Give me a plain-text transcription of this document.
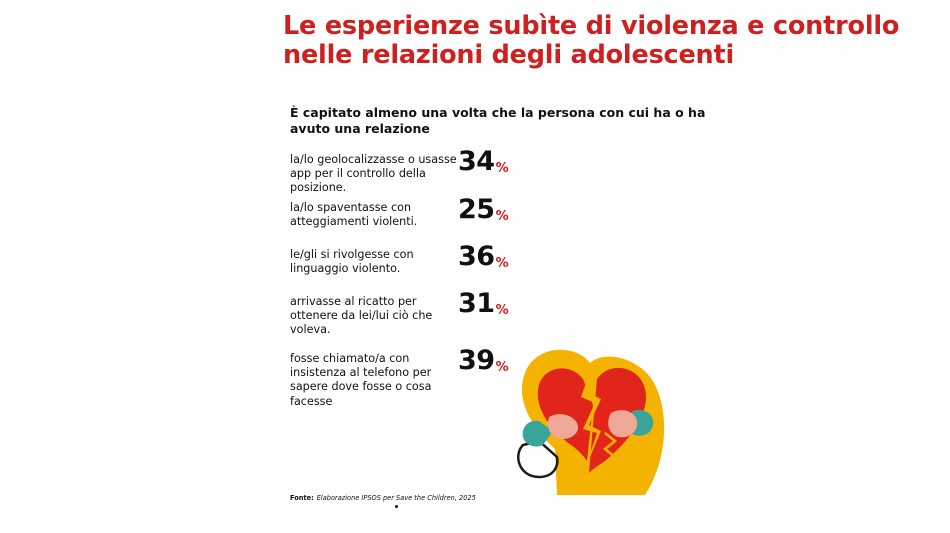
Le esperienze subìte di violenza e controllo
nelle relazioni degli adolescenti
È capitato almeno una volta che la persona con cui ha o ha avuto una relazione
la/lo geolocalizzasse o usasse app per il controllo della posizione.
34%
la/lo spaventasse con atteggiamenti violenti.	25%
le/gli si rivolgesse con linguaggio violento.	36%
arrivasse al ricatto per ottenere da lei/lui ciò che voleva.
31%
fosse chiamato/a con insistenza al telefono per sapere dove fosse o cosa facesse
39%
Fonte: Elaborazione IPSOS per Save the Children, 2025
